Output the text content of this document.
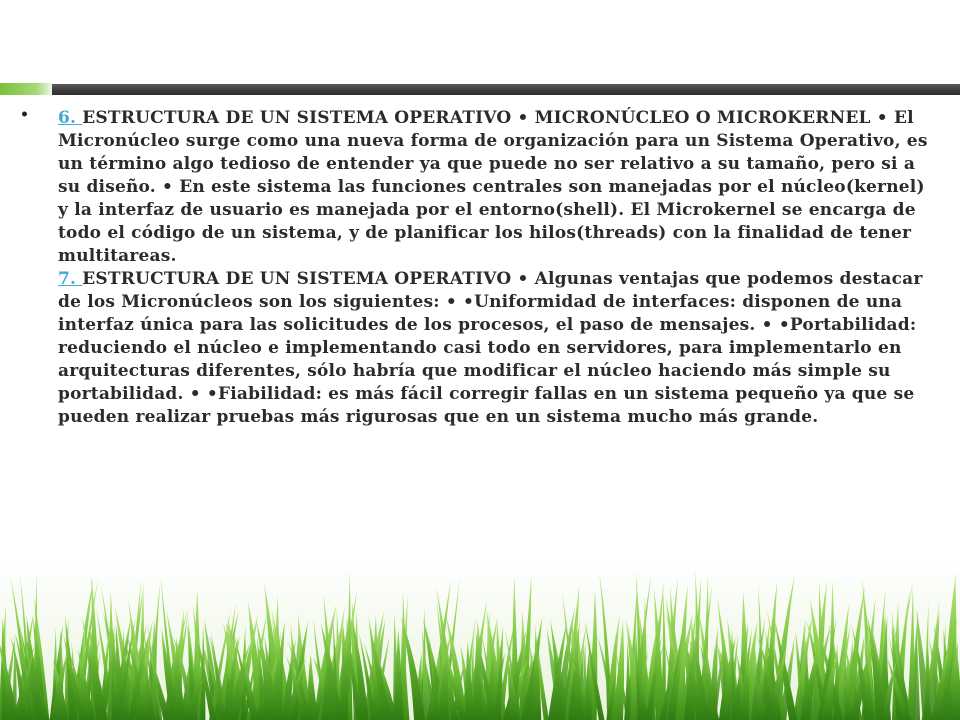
• 6. ESTRUCTURA DE UN SISTEMA OPERATIVO • MICRONÚCLEO O MICROKERNEL • El Micronúcleo surge como una nueva forma de organización para un Sistema Operativo, es un término algo tedioso de entender ya que puede no ser relativo a su tamaño, pero si a su diseño. • En este sistema las funciones centrales son manejadas por el núcleo(kernel) y la interfaz de usuario es manejada por el entorno(shell). El Microkernel se encarga de todo el código de un sistema, y de planificar los hilos(threads) con la finalidad de tener multitareas.
7. ESTRUCTURA DE UN SISTEMA OPERATIVO • Algunas ventajas que podemos destacar de los Micronúcleos son los siguientes: • •Uniformidad de interfaces: disponen de una interfaz única para las solicitudes de los procesos, el paso de mensajes. • •Portabilidad: reduciendo el núcleo e implementando casi todo en servidores, para implementarlo en arquitecturas diferentes, sólo habría que modificar el núcleo haciendo más simple su portabilidad. • •Fiabilidad: es más fácil corregir fallas en un sistema pequeño ya que se pueden realizar pruebas más rigurosas que en un sistema mucho más grande.
